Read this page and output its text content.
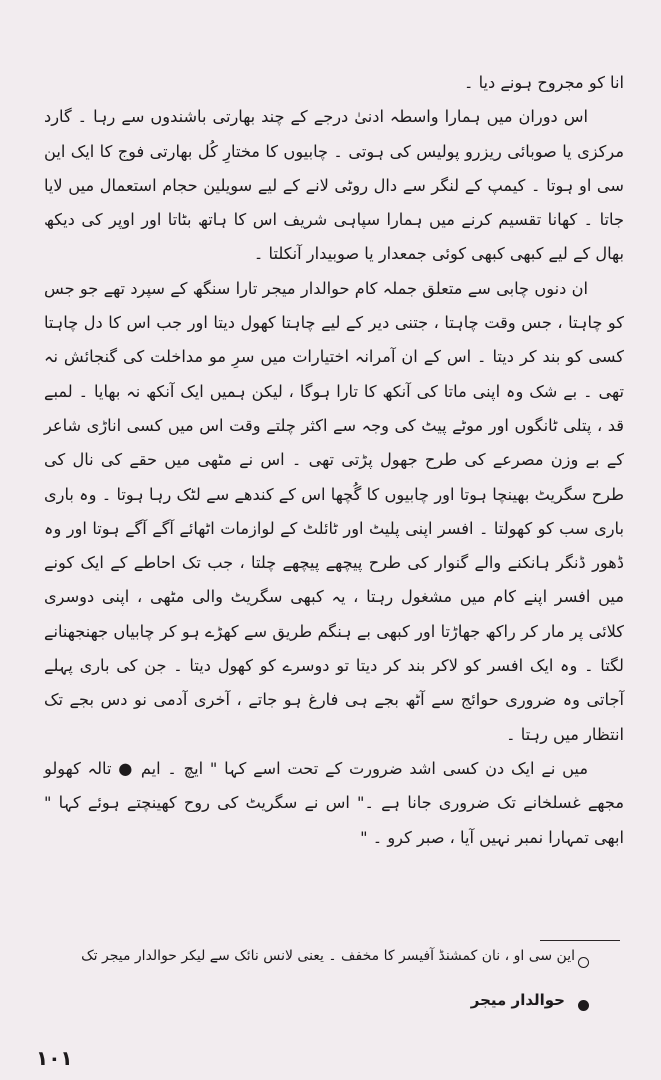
انا کو مجروح ہونے دیا ۔

اس دوران میں ہمارا واسطہ ادنیٰ درجے کے چند بھارتی باشندوں سے رہا ۔ گارد مرکزی یا صوبائی ریزرو پولیس کی ہوتی ۔ چابیوں کا مختارِ کُل بھارتی فوج کا ایک این سی او ہوتا ۔ کیمپ کے لنگر سے دال روٹی لانے کے لیے سویلین حجام استعمال میں لایا جاتا ۔ کھانا تقسیم کرنے میں ہمارا سپاہی شریف اس کا ہاتھ بٹاتا اور اوپر کی دیکھ بھال کے لیے کبھی کبھی کوئی جمعدار یا صوبیدار آنکلتا ۔

ان دنوں چابی سے متعلق جملہ کام حوالدار میجر تارا سنگھ کے سپرد تھے جو جس کو چاہتا ، جس وقت چاہتا ، جتنی دیر کے لیے چاہتا کھول دیتا اور جب اس کا دل چاہتا کسی کو بند کر دیتا ۔ اس کے ان آمرانہ اختیارات میں سرِ مو مداخلت کی گنجائش نہ تھی ۔ بے شک وہ اپنی ماتا کی آنکھ کا تارا ہوگا ، لیکن ہمیں ایک آنکھ نہ بھایا ۔ لمبے قد ، پتلی ٹانگوں اور موٹے پیٹ کی وجہ سے اکثر چلتے وقت اس میں کسی اناڑی شاعر کے بے وزن مصرعے کی طرح جھول پڑتی تھی ۔ اس نے مٹھی میں حقے کی نال کی طرح سگریٹ بھینچا ہوتا اور چابیوں کا گُچھا اس کے کندھے سے لٹک رہا ہوتا ۔ وہ باری باری سب کو کھولتا ۔ افسر اپنی پلیٹ اور ٹائلٹ کے لوازمات اٹھائے آگے آگے ہوتا اور وہ ڈھور ڈنگر ہانکنے والے گنوار کی طرح پیچھے پیچھے چلتا ، جب تک احاطے کے ایک کونے میں افسر اپنے کام میں مشغول رہتا ، یہ کبھی سگریٹ والی مٹھی ، اپنی دوسری کلائی پر مار کر راکھ جھاڑتا اور کبھی بے ہنگم طریق سے کھڑے ہو کر چابیاں جھنجھنانے لگتا ۔ وہ ایک افسر کو لاکر بند کر دیتا تو دوسرے کو کھول دیتا ۔ جن کی باری پہلے آجاتی وہ ضروری حوائج سے آٹھ بجے ہی فارغ ہو جاتے ، آخری آدمی نو دس بجے تک انتظار میں رہتا ۔

میں نے ایک دن کسی اشد ضرورت کے تحت اسے کہا " ایچ ۔ ایم ● تالہ کھولو مجھے غسلخانے تک ضروری جانا ہے ۔" اس نے سگریٹ کی روح کھینچتے ہوئے کہا " ابھی تمہارا نمبر نہیں آیا ، صبر کرو ۔ "

این سی او ، نان کمشنڈ آفیسر کا مخفف ۔ یعنی لانس نائک سے لیکر حوالدار میجر تک
حوالدار میجر
۱۰۱
